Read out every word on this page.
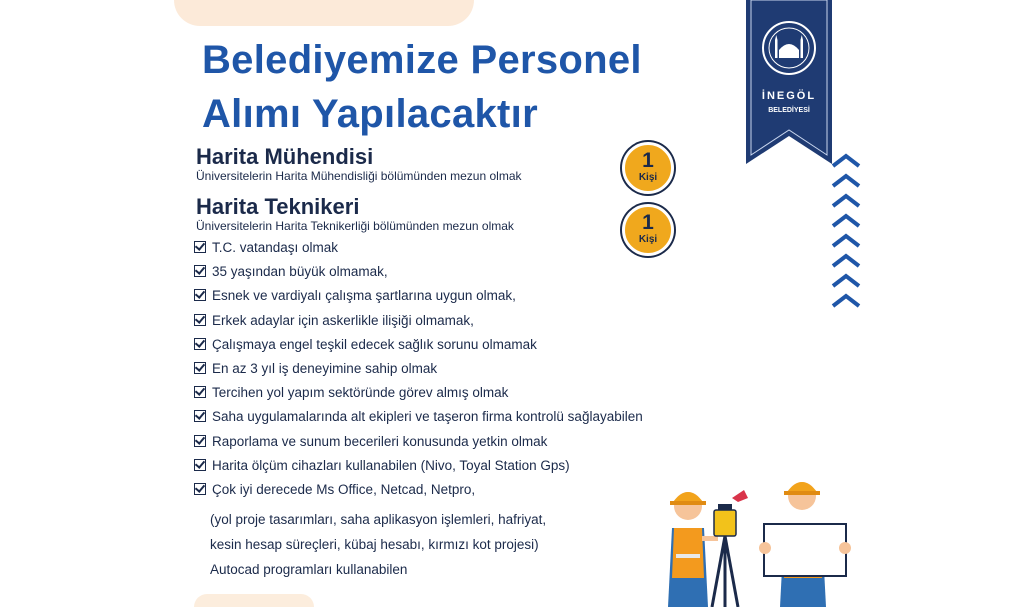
Belediyemize Personel
Alımı Yapılacaktır
Harita Mühendisi
Üniversitelerin Harita Mühendisliği bölümünden mezun olmak
1
Kişi
Harita Teknikeri
Üniversitelerin Harita Teknikerliği bölümünden mezun olmak	1
Kişi
T.C. vatandaşı olmak
35 yaşından büyük olmamak,
Esnek ve vardiyalı çalışma şartlarına uygun olmak,
Erkek adaylar için askerlikle ilişiği olmamak,
Çalışmaya engel teşkil edecek sağlık sorunu olmamak
En az 3 yıl iş deneyimine sahip olmak
Tercihen yol yapım sektöründe görev almış olmak
Saha uygulamalarında alt ekipleri ve taşeron firma kontrolü sağlayabilen
Raporlama ve sunum becerileri konusunda yetkin olmak
Harita ölçüm cihazları kullanabilen (Nivo, Toyal Station Gps)
Çok iyi derecede Ms Office, Netcad, Netpro,

(yol proje tasarımları, saha aplikasyon işlemleri, hafriyat,

kesin hesap süreçleri, kübaj hesabı, kırmızı kot projesi)

Autocad programları kullanabilen

İNEGÖL
BELEDİYESİ
